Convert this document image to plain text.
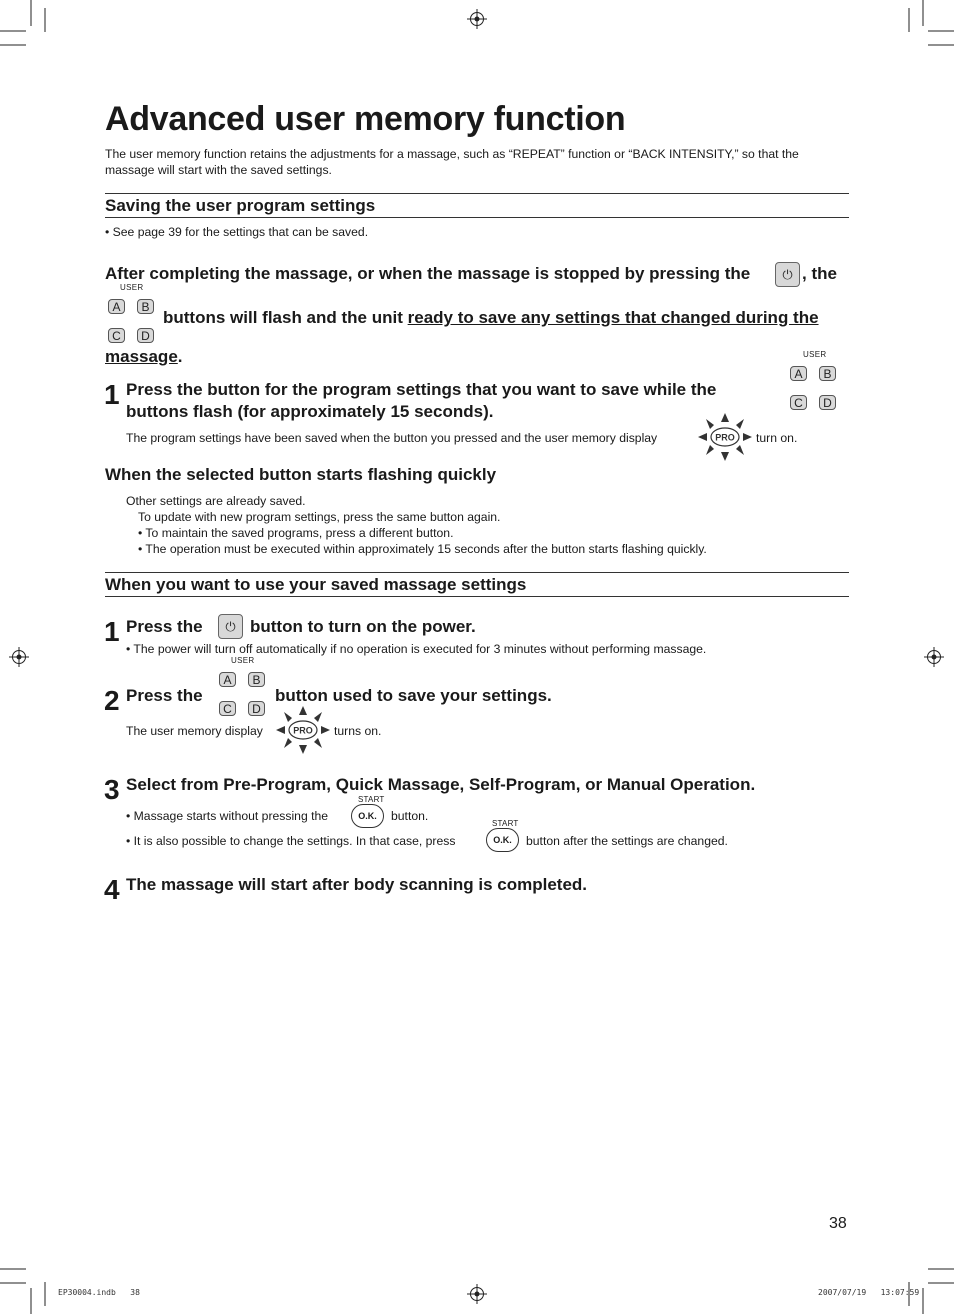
Advanced user memory function
The user memory function retains the adjustments for a massage, such as “REPEAT” function or “BACK INTENSITY,” so that the massage will start with the saved settings.
Saving the user program settings
• See page 39 for the settings that can be saved.
After completing the massage, or when the massage is stopped by pressing the	⏻ , the
USER
A	B
C	D
buttons will flash and the unit ready to save any settings that changed during the
massage.
1 Press the button for the program settings that you want to save while the
buttons flash (for approximately 15 seconds).
USER
A	B
C	D
The program settings have been saved when the button you pressed and the user memory display	PRO turn on.
When the selected button starts flashing quickly
Other settings are already saved.
To update with new program settings, press the same button again.
• To maintain the saved programs, press a different button.
• The operation must be executed within approximately 15 seconds after the button starts flashing quickly.
When you want to use your saved massage settings
1 Press the	⏻ button to turn on the power.
• The power will turn off automatically if no operation is executed for 3 minutes without performing massage.
2 Press the
USER
A	B
C	D
button used to save your settings.
The user memory display	PRO turns on.
3 Select from Pre-Program, Quick Massage, Self-Program, or Manual Operation.
• Massage starts without pressing the
START
O.K.	button.
• It is also possible to change the settings. In that case, press
START
O.K.	button after the settings are changed.
4 The massage will start after body scanning is completed.
38
EP30004.indb   38	2007/07/19   13:07:59
